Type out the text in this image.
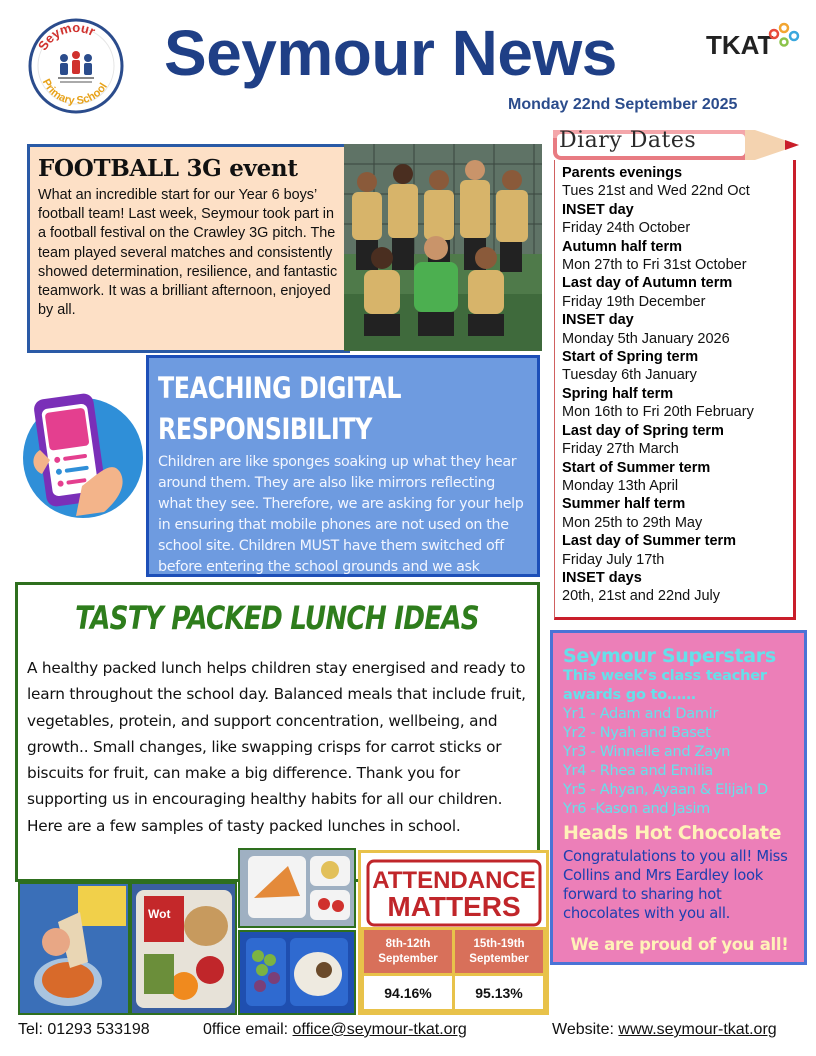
Seymour
Primary School Seymour News	TKAT
Monday 22nd September 2025
FOOTBALL 3G event

What an incredible start for our Year 6 boys’ football team! Last week, Seymour took part in a football festival on the Crawley 3G pitch. The team played several matches and consistently showed determination, resilience, and fantastic teamwork. It was a brilliant afternoon, enjoyed by all.

TEACHING DIGITAL
RESPONSIBILITY

Children are like sponges soaking up what they hear around them. They are also like mirrors reflecting what they see. Therefore, we are asking for your help in ensuring that mobile phones are not used on the school site. Children MUST have them switched off before entering the school grounds and we ask

Diary Dates
Parents evenings
Tues 21st and Wed 22nd Oct
INSET day
Friday 24th October
Autumn half term
Mon 27th to Fri 31st October
Last day of Autumn term
Friday 19th December
INSET day
Monday 5th January 2026
Start of Spring term
Tuesday 6th January
Spring half term
Mon 16th to Fri 20th February
Last day of Spring term
Friday 27th March
Start of Summer term
Monday 13th April
Summer half term
Mon 25th to 29th May
Last day of Summer term
Friday July 17th
INSET days
20th, 21st and 22nd July
Seymour Superstars
This week’s class teacher awards go to……
Yr1 - Adam and Damir
Yr2 - Nyah and Baset
Yr3 - Winnelle and Zayn
Yr4 - Rhea and Emilia
Yr5 - Ahyan, Ayaan & Elijah D
Yr6 -Kason and Jasim
Heads Hot Chocolate
Congratulations to you all! Miss Collins and Mrs Eardley look forward to sharing hot chocolates with you all.
We are proud of you all!
TASTY PACKED LUNCH IDEAS

A healthy packed lunch helps children stay energised and ready to learn throughout the school day. Balanced meals that include fruit, vegetables, protein, and support concentration, wellbeing, and growth.. Small changes, like swapping crisps for carrot sticks or biscuits for fruit, can make a big difference. Thank you for supporting us in encouraging healthy habits for all our children. Here are a few samples of tasty packed lunches in school.

Wot
ATTENDANCE
MATTERS
8th-12th September	15th-19th September
94.16%	95.13%
Tel: 01293 533198	0ffice email: office@seymour-tkat.org	Website: www.seymour-tkat.org
